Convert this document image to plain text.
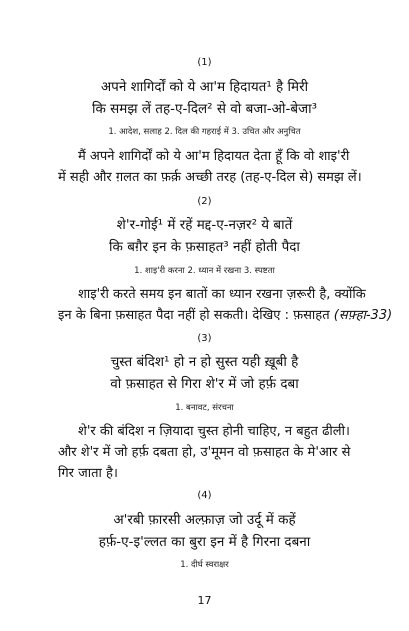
(1)
अपने शागिर्दों को ये आ'म हिदायत¹ है मिरी
कि समझ लें तह-ए-दिल² से वो बजा-ओ-बेजा³
1. आदेश, सलाह 2. दिल की गहराई में 3. उचित और अनुचित
मैं अपने शागिर्दों को ये आ'म हिदायत देता हूँ कि वो शाइ'री
में सही और ग़लत का फ़र्क़ अच्छी तरह (तह-ए-दिल से) समझ लें।
(2)
शे'र-गोई¹ में रहें मद्द-ए-नज़र² ये बातें
कि बग़ैर इन के फ़साहत³ नहीं होती पैदा
1. शाइ'री करना 2. ध्यान में रखना 3. स्पष्टता
शाइ'री करते समय इन बातों का ध्यान रखना ज़रूरी है, क्योंकि
इन के बिना फ़साहत पैदा नहीं हो सकती। देखिए : फ़साहत (सफ़्हा-33)
(3)
चुस्त बंदिश¹ हो न हो सुस्त यही ख़ूबी है
वो फ़साहत से गिरा शे'र में जो हर्फ़ दबा
1. बनावट, संरचना
शे'र की बंदिश न ज़ियादा चुस्त होनी चाहिए, न बहुत ढीली।
और शे'र में जो हर्फ़ दबता हो, उ'मूमन वो फ़साहत के मे'आर से
गिर जाता है।
(4)
अ'रबी फ़ारसी अल्फ़ाज़ जो उर्दू में कहें
हर्फ़-ए-इ'ल्लत का बुरा इन में है गिरना दबना
1. दीर्घ स्वराक्षर
17
